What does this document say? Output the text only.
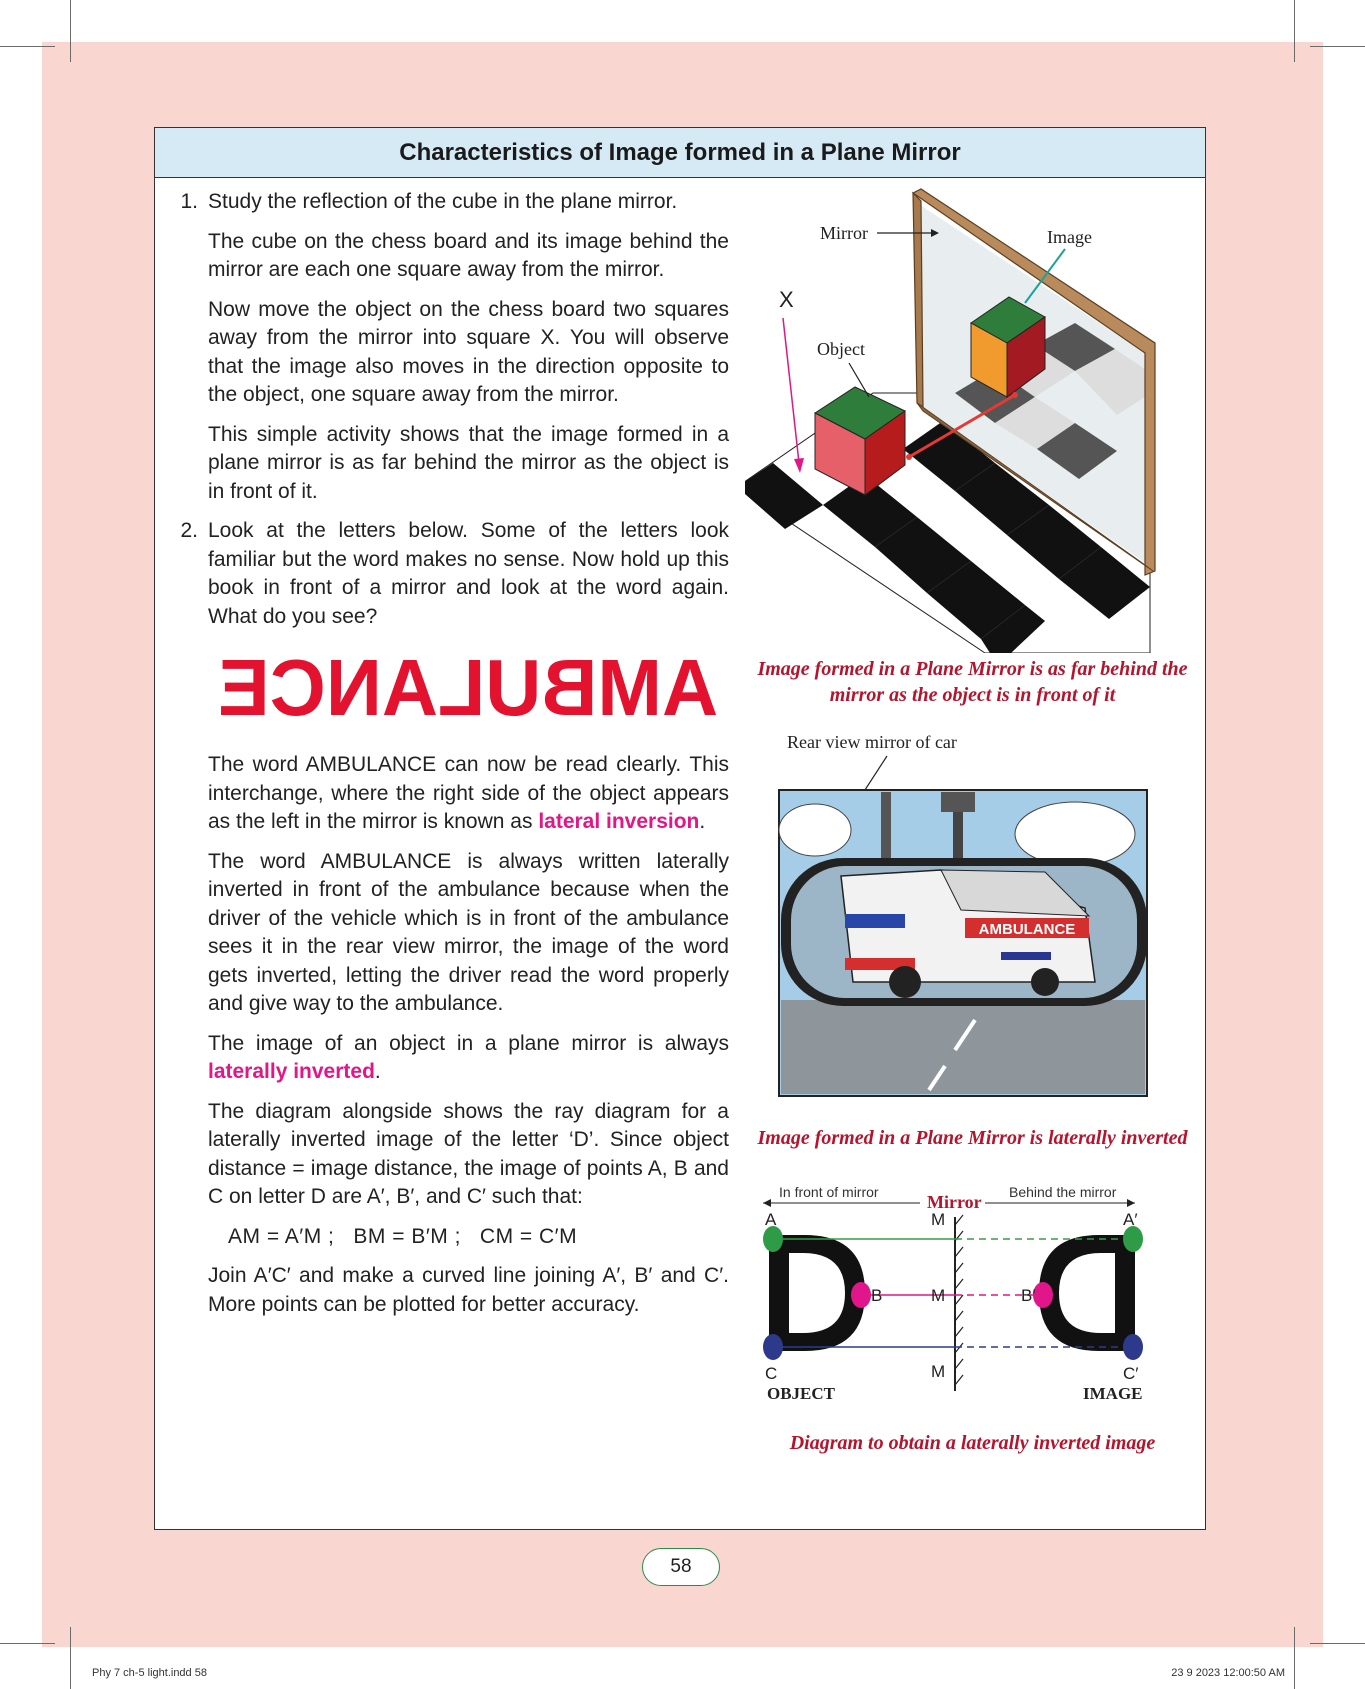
Characteristics of Image formed in a Plane Mirror
1. Study the reflection of the cube in the plane mirror.

The cube on the chess board and its image behind the mirror are each one square away from the mirror.

Now move the object on the chess board two squares away from the mirror into square X. You will observe that the image also moves in the direction opposite to the object, one square away from the mirror.

This simple activity shows that the image formed in a plane mirror is as far behind the mirror as the object is in front of it.

2. Look at the letters below. Some of the letters look familiar but the word makes no sense. Now hold up this book in front of a mirror and look at the word again. What do you see?

AMBULANCE

The word AMBULANCE can now be read clearly. This interchange, where the right side of the object appears as the left in the mirror is known as lateral inversion.

The word AMBULANCE is always written laterally inverted in front of the ambulance because when the driver of the vehicle which is in front of the ambulance sees it in the rear view mirror, the image of the word gets inverted, letting the driver read the word properly and give way to the ambulance.

The image of an object in a plane mirror is always laterally inverted.

The diagram alongside shows the ray diagram for a laterally inverted image of the letter ‘D’. Since object distance = image distance, the image of points A, B and C on letter D are A′, B′, and C′ such that:

AM = A′M ;   BM = B′M ;   CM = C′M

Join A′C′ and make a curved line joining A′, B′ and C′. More points can be plotted for better accuracy.

Mirror	Image
X
Object
Image formed in a Plane Mirror is as far behind the mirror as the object is in front of it
Rear view mirror of car
AMBULANCE
Image formed in a Plane Mirror is laterally inverted
In front of mirror	Mirror Behind the mirror
A
B
C
M
M
M
A′
B′
C′
OBJECT	IMAGE
Diagram to obtain a laterally inverted image
58
Phy 7 ch-5 light.indd 58	23 9 2023 12:00:50 AM
